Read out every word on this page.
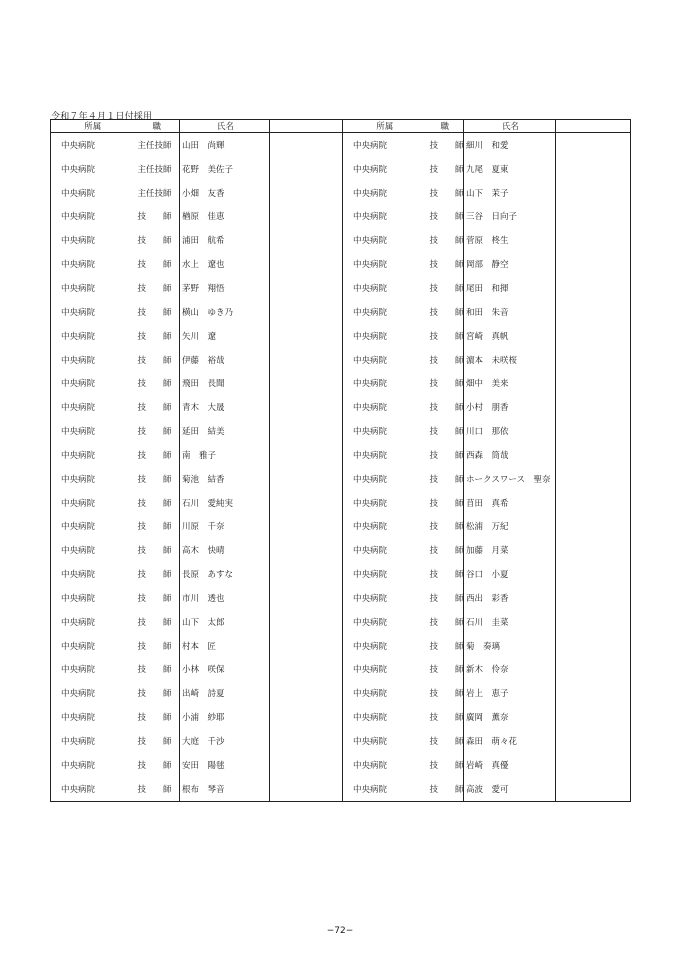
令和７年４月１日付採用
所属	職	氏名		所属	職	氏名	
中央病院	主任技師	山田　尚輝		中央病院	技　　師	細川　和愛	
中央病院	主任技師	花野　美佐子		中央病院	技　　師	九尾　夏東	
中央病院	主任技師	小畑　友香		中央病院	技　　師	山下　茉子	
中央病院	技　　師	楢原　佳恵		中央病院	技　　師	三谷　日向子	
中央病院	技　　師	浦田　航希		中央病院	技　　師	菅原　柊生	
中央病院	技　　師	水上　遼也		中央病院	技　　師	岡部　静空	
中央病院	技　　師	茅野　翔悟		中央病院	技　　師	尾田　和揮	
中央病院	技　　師	横山　ゆき乃		中央病院	技　　師	和田　朱音	
中央病院	技　　師	矢川　遼		中央病院	技　　師	宮崎　真帆	
中央病院	技　　師	伊藤　裕哉		中央病院	技　　師	濵本　未咲桜	
中央病院	技　　師	飛田　長聞		中央病院	技　　師	畑中　美来	
中央病院	技　　師	青木　大晟		中央病院	技　　師	小村　朋香	
中央病院	技　　師	延田　結美		中央病院	技　　師	川口　那依	
中央病院	技　　師	南　雅子		中央病院	技　　師	西森　筒哉	
中央病院	技　　師	菊池　結香		中央病院	技　　師	ホークスワース　聖奈	
中央病院	技　　師	石川　愛純実		中央病院	技　　師	苜田　真希	
中央病院	技　　師	川原　千奈		中央病院	技　　師	松浦　万紀	
中央病院	技　　師	高木　快晴		中央病院	技　　師	加藤　月菜	
中央病院	技　　師	長原　あすな		中央病院	技　　師	谷口　小夏	
中央病院	技　　師	市川　透也		中央病院	技　　師	西出　彩香	
中央病院	技　　師	山下　太郎		中央病院	技　　師	石川　圭菜	
中央病院	技　　師	村本　匠		中央病院	技　　師	菊　奏璃	
中央病院	技　　師	小林　咲保		中央病院	技　　師	新木　伶奈	
中央病院	技　　師	出崎　詩夏		中央病院	技　　師	岩上　恵子	
中央病院	技　　師	小浦　紗耶		中央病院	技　　師	廣岡　薫奈	
中央病院	技　　師	大庭　千沙		中央病院	技　　師	森田　萌々花	
中央病院	技　　師	安田　陽毬		中央病院	技　　師	岩崎　真優	
中央病院	技　　師	根布　琴音		中央病院	技　　師	高波　愛可	
−72−
